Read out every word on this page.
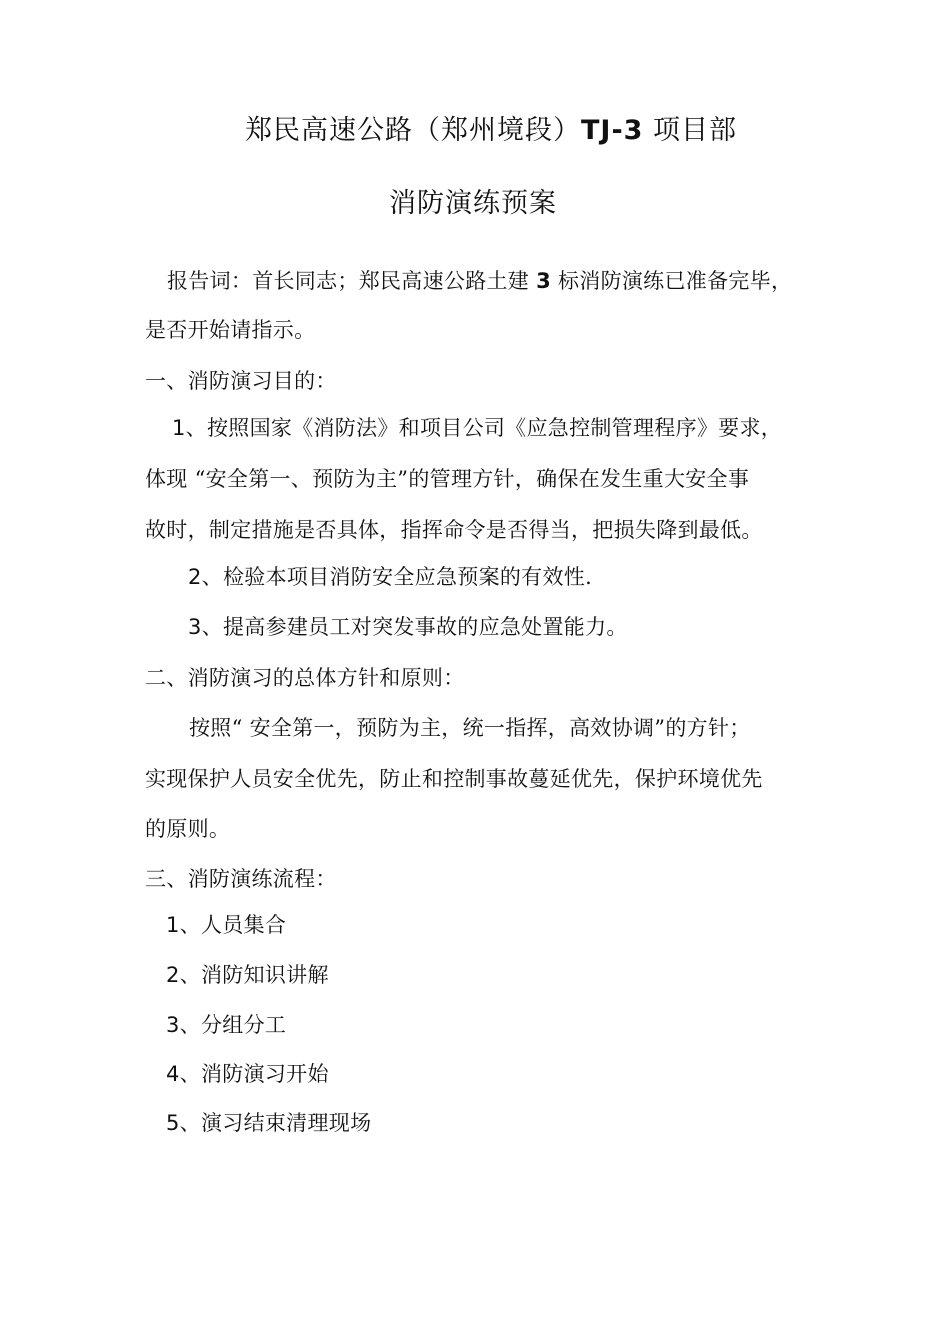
郑民高速公路（郑州境段）TJ-3 项目部
消防演练预案
报告词：首长同志；郑民高速公路土建 3 标消防演练已准备完毕，
是否开始请指示。
一、消防演习目的：
1、按照国家《消防法》和项目公司《应急控制管理程序》要求，
体现 “安全第一、预防为主”的管理方针，确保在发生重大安全事
故时，制定措施是否具体，指挥命令是否得当，把损失降到最低。
2、检验本项目消防安全应急预案的有效性.
3、提高参建员工对突发事故的应急处置能力。
二、消防演习的总体方针和原则：
按照“ 安全第一，预防为主，统一指挥，高效协调”的方针；
实现保护人员安全优先，防止和控制事故蔓延优先，保护环境优先
的原则。
三、消防演练流程：
1、人员集合
2、消防知识讲解
3、分组分工
4、消防演习开始
5、演习结束清理现场
